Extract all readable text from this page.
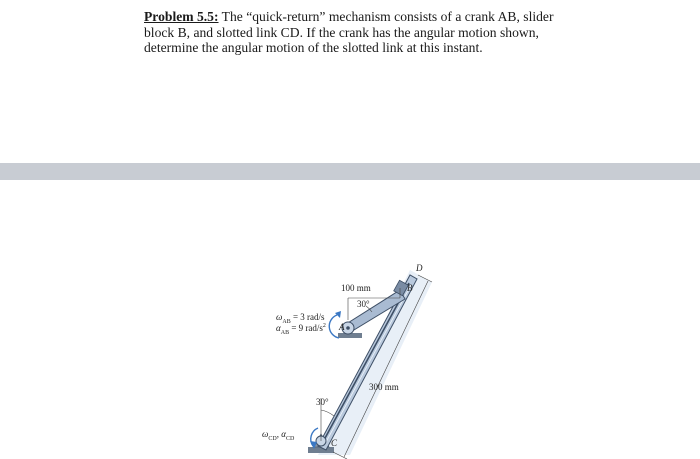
Problem 5.5: The “quick-return” mechanism consists of a crank AB, slider block B, and slotted link CD. If the crank has the angular motion shown, determine the angular motion of the slotted link at this instant.
100 mm
30°
B
D
A
C
300 mm
30°
$\omega_{AB} = 3$ rad/s
$\alpha_{AB} = 9$ rad/$s^2$
$\omega_{CD}$, $\alpha_{CD}$
